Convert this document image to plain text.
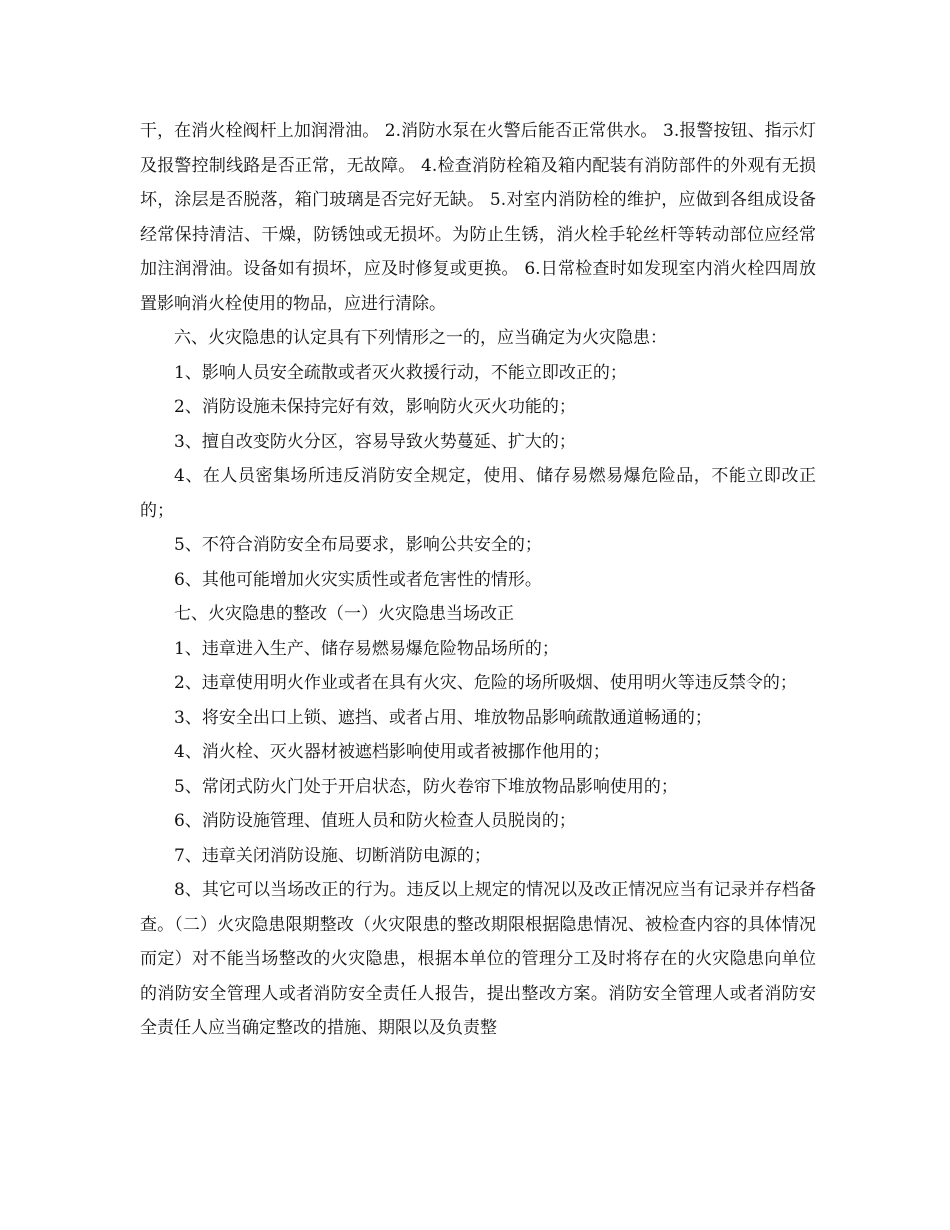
干，在消火栓阀杆上加润滑油。 2.消防水泵在火警后能否正常供水。 3.报警按钮、指示灯及报警控制线路是否正常，无故障。 4.检查消防栓箱及箱内配装有消防部件的外观有无损坏，涂层是否脱落，箱门玻璃是否完好无缺。 5.对室内消防栓的维护，应做到各组成设备经常保持清洁、干燥，防锈蚀或无损坏。为防止生锈，消火栓手轮丝杆等转动部位应经常加注润滑油。设备如有损坏，应及时修复或更换。 6.日常检查时如发现室内消火栓四周放置影响消火栓使用的物品，应进行清除。

六、火灾隐患的认定具有下列情形之一的，应当确定为火灾隐患：

1、影响人员安全疏散或者灭火救援行动，不能立即改正的；

2、消防设施未保持完好有效，影响防火灭火功能的；

3、擅自改变防火分区，容易导致火势蔓延、扩大的；

4、在人员密集场所违反消防安全规定，使用、储存易燃易爆危险品，不能立即改正的；

5、不符合消防安全布局要求，影响公共安全的；

6、其他可能增加火灾实质性或者危害性的情形。

七、火灾隐患的整改（一）火灾隐患当场改正

1、违章进入生产、储存易燃易爆危险物品场所的；

2、违章使用明火作业或者在具有火灾、危险的场所吸烟、使用明火等违反禁令的；

3、将安全出口上锁、遮挡、或者占用、堆放物品影响疏散通道畅通的；

4、消火栓、灭火器材被遮档影响使用或者被挪作他用的；

5、常闭式防火门处于开启状态，防火卷帘下堆放物品影响使用的；

6、消防设施管理、值班人员和防火检查人员脱岗的；

7、违章关闭消防设施、切断消防电源的；

8、其它可以当场改正的行为。违反以上规定的情况以及改正情况应当有记录并存档备查。（二）火灾隐患限期整改（火灾限患的整改期限根据隐患情况、被检查内容的具体情况而定）对不能当场整改的火灾隐患，根据本单位的管理分工及时将存在的火灾隐患向单位的消防安全管理人或者消防安全责任人报告，提出整改方案。消防安全管理人或者消防安全责任人应当确定整改的措施、期限以及负责整
